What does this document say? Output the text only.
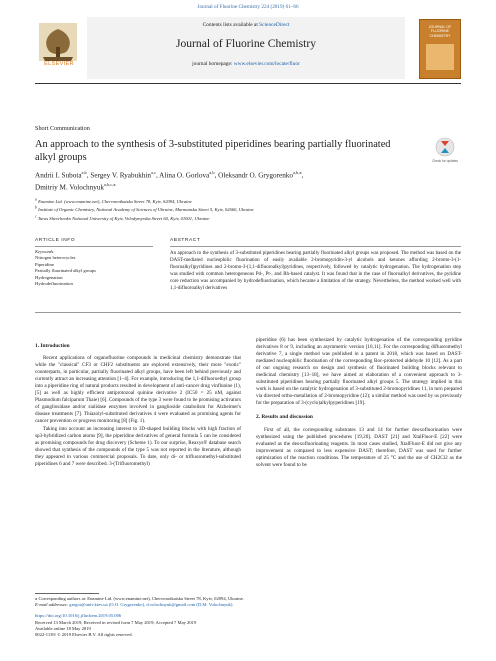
Journal of Fluorine Chemistry 224 (2019) 61–66
ELSEVIER
Contents lists available at ScienceDirect
Journal of Fluorine Chemistry
journal homepage: www.elsevier.com/locate/fluor
JOURNAL OF FLUORINE CHEMISTRY
Short Communication
An approach to the synthesis of 3-substituted piperidines bearing partially fluorinated alkyl groups	Check for updates
Andrii I. Subota$^{a,b}$, Sergey V. Ryabukhin$^{a,c}$, Alina O. Gorlova$^{a,b}$, Oleksandr O. Grygorenko$^{a,b,⁎}$,
Dmitriy M. Volochnyuk$^{a,b,c,⁎}$
$^a$ Enamine Ltd. (www.enamine.net), Chervonotkatska Street 78, Kyiv, 02094, Ukraine
$^b$ Institute of Organic Chemistry, National Academy of Sciences of Ukraine, Murmanska Street 5, Kyiv, 02660, Ukraine
$^c$ Taras Shevchenko National University of Kyiv, Volodymyrska Street 60, Kyiv, 01601, Ukraine
ARTICLE INFO	ABSTRACT
Keywords:
Nitrogen heterocycles
Piperidine
Partially fluorinated alkyl groups
Hydrogenation
Hydrodefluorination
An approach to the synthesis of 3-substituted piperidines bearing partially fluorinated alkyl groups was proposed. The method was based on the DAST-mediated nucleophilic fluorination of easily available 2-bromopyridin-3-yl alcohols and ketones affording 2-bromo-3-(1-fluoroalkyl)pyridines and 2-bromo-3-(1,1-difluoroalkyl)pyridines, respectively, followed by catalytic hydrogenation. The hydrogenation step was studied with common heterogeneous Pd-, Pt-, and Rh-based catalyst. It was found that in the case of fluoroalkyl derivatives, the pyridine core reduction was accompanied by hydrodefluorination, which became a limitation of the strategy. Nevertheless, the method worked well with 1,1-difluoroalkyl derivatives
1. Introduction

Recent applications of organofluorine compounds in medicinal chemistry demonstrate that while the "classical" CF3 or CHF2 substituents are explored extensively, their more "exotic" counterparts, in particular, partially fluorinated alkyl groups, have been left behind previously and currently attract an increasing attention [1–4]. For example, introducing the 1,1-difluoroethyl group into a piperidine ring of natural products resulted in development of anti-cancer drug vinflunine (1),[5] as well as highly efficient antiprotozoal quinine derivative 2 (IC50 = 25 nM, against Plasmodium falciparum Thaie) [6]. Compounds of the type 3 were found to be promising activators of gangliosidase and/or sialidase enzymes involved in ganglioside catabolism for Alzheimer's disease treatments [7]. Thiazolyl-substituted derivatives 4 were evaluated as promising agents for cancer prevention or progress monitoring [8] (Fig. 1).

Taking into account an increasing interest to 3D-shaped building blocks with high fraction of sp3-hybridized carbon atoms [9], the piperidine derivatives of general formula 5 can be considered as promising compounds for drug discovery (Scheme 1). To our surprise, Reaxys® database search showed that synthesis of the compounds of the type 5 was not reported in the literature, although they appeared in various commercial proposals. To date, only di- or trifluoromethyl-substituted piperidines 6 and 7 were described. 3-(Trifluoromethyl)

piperidine (6) has been synthesized by catalytic hydrogenation of the corresponding pyridine derivatives 8 or 9, including an asymmetric version [10,11]. For the corresponding difluoromethyl derivative 7, a single method was published in a patent in 2018, which was based on DAST-mediated nucleophilic fluorination of the corresponding Boc-protected aldehyde 10 [12]. As a part of our ongoing research on design and synthesis of fluorinated building blocks relevant to medicinal chemistry [13–18], we have aimed at elaboration of a convenient approach to 3-substituted piperidines bearing partially fluorinated alkyl groups 5. The strategy implied in this work is based on the catalytic hydrogenation of 3-substituted 2-bromopyridines 11, in turn prepared via directed ortho-metallation of 2-bromopyridine (12); a similar method was used by us previously for the preparation of 3-(cyclo)alkylpyperidines [19].

2. Results and discussion

First of all, the corresponding substrates 13 and 14 for further deoxofluorination were synthesized using the published procedures [19,20]. DAST [21] and XtalFluor-E [22] were evaluated as the deoxofluorinating reagents. In most cases studied, XtalFluor-E did not give any improvement as compared to less expensive DAST; therefore, DAST was used for further optimization of the reaction conditions. The temperature of 25 °C and the use of CH2Cl2 as the solvent were found to be

⁎ Corresponding authors at: Enamine Ltd. (www.enamine.net), Chervonotkatska Street 78, Kyiv, 02094, Ukraine.
E-mail addresses: gregor@univ.kiev.ua (O.O. Grygorenko), d.volochnyuk@gmail.com (D.M. Volochnyuk).
https://doi.org/10.1016/j.jfluchem.2019.05.006
Received 13 March 2019; Received in revised form 7 May 2019; Accepted 7 May 2019
Available online 18 May 2019
0022-1139/ © 2019 Elsevier B.V. All rights reserved.
